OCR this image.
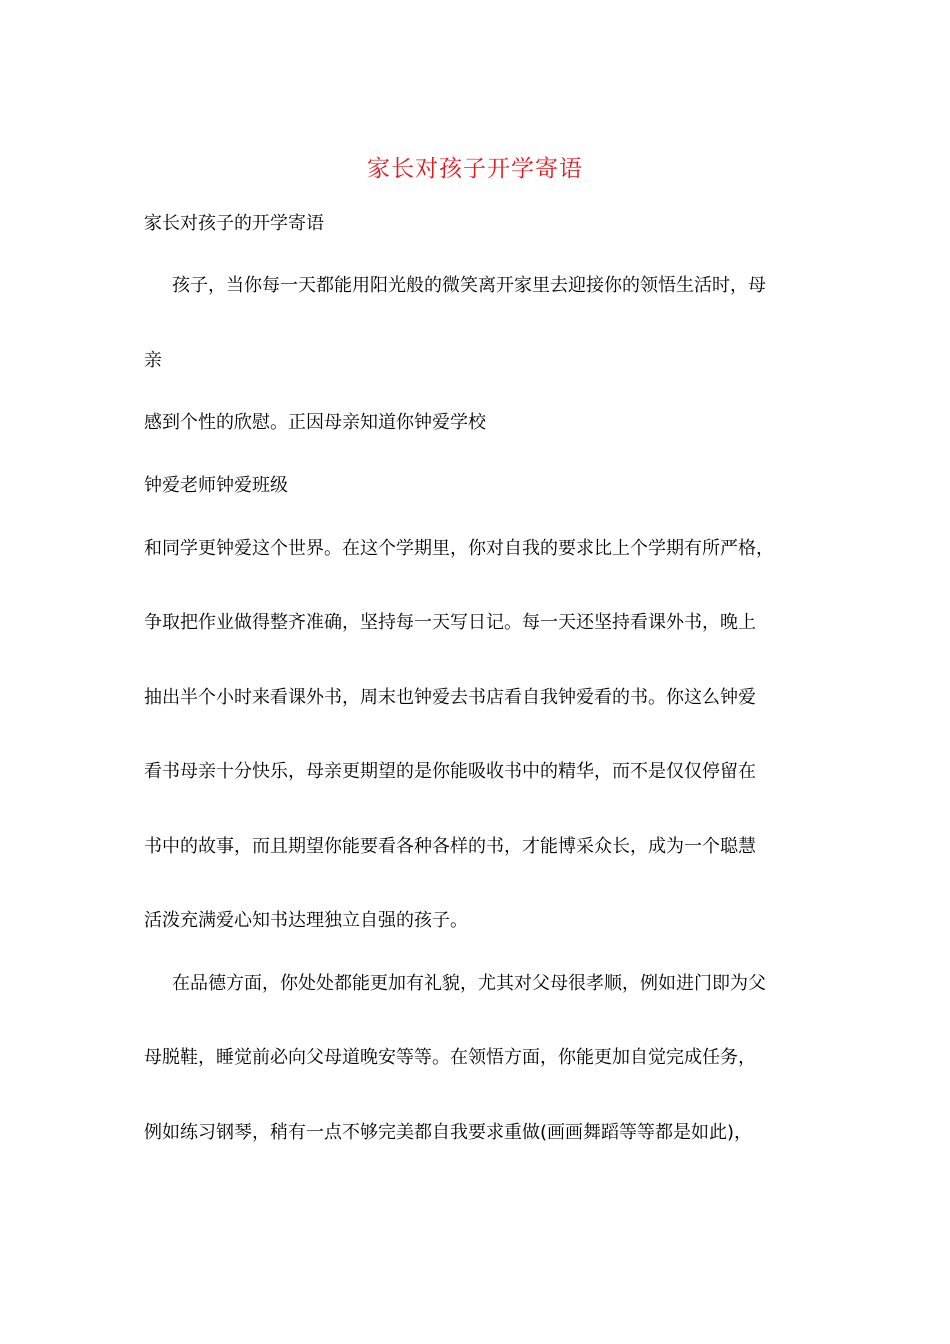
家长对孩子开学寄语
家长对孩子的开学寄语
孩子，当你每一天都能用阳光般的微笑离开家里去迎接你的领悟生活时，母
亲
感到个性的欣慰。正因母亲知道你钟爱学校
钟爱老师钟爱班级
和同学更钟爱这个世界。在这个学期里，你对自我的要求比上个学期有所严格，
争取把作业做得整齐准确，坚持每一天写日记。每一天还坚持看课外书，晚上
抽出半个小时来看课外书，周末也钟爱去书店看自我钟爱看的书。你这么钟爱
看书母亲十分快乐，母亲更期望的是你能吸收书中的精华，而不是仅仅停留在
书中的故事，而且期望你能要看各种各样的书，才能博采众长，成为一个聪慧
活泼充满爱心知书达理独立自强的孩子。
在品德方面，你处处都能更加有礼貌，尤其对父母很孝顺，例如进门即为父
母脱鞋，睡觉前必向父母道晚安等等。在领悟方面，你能更加自觉完成任务，
例如练习钢琴，稍有一点不够完美都自我要求重做(画画舞蹈等等都是如此)，
